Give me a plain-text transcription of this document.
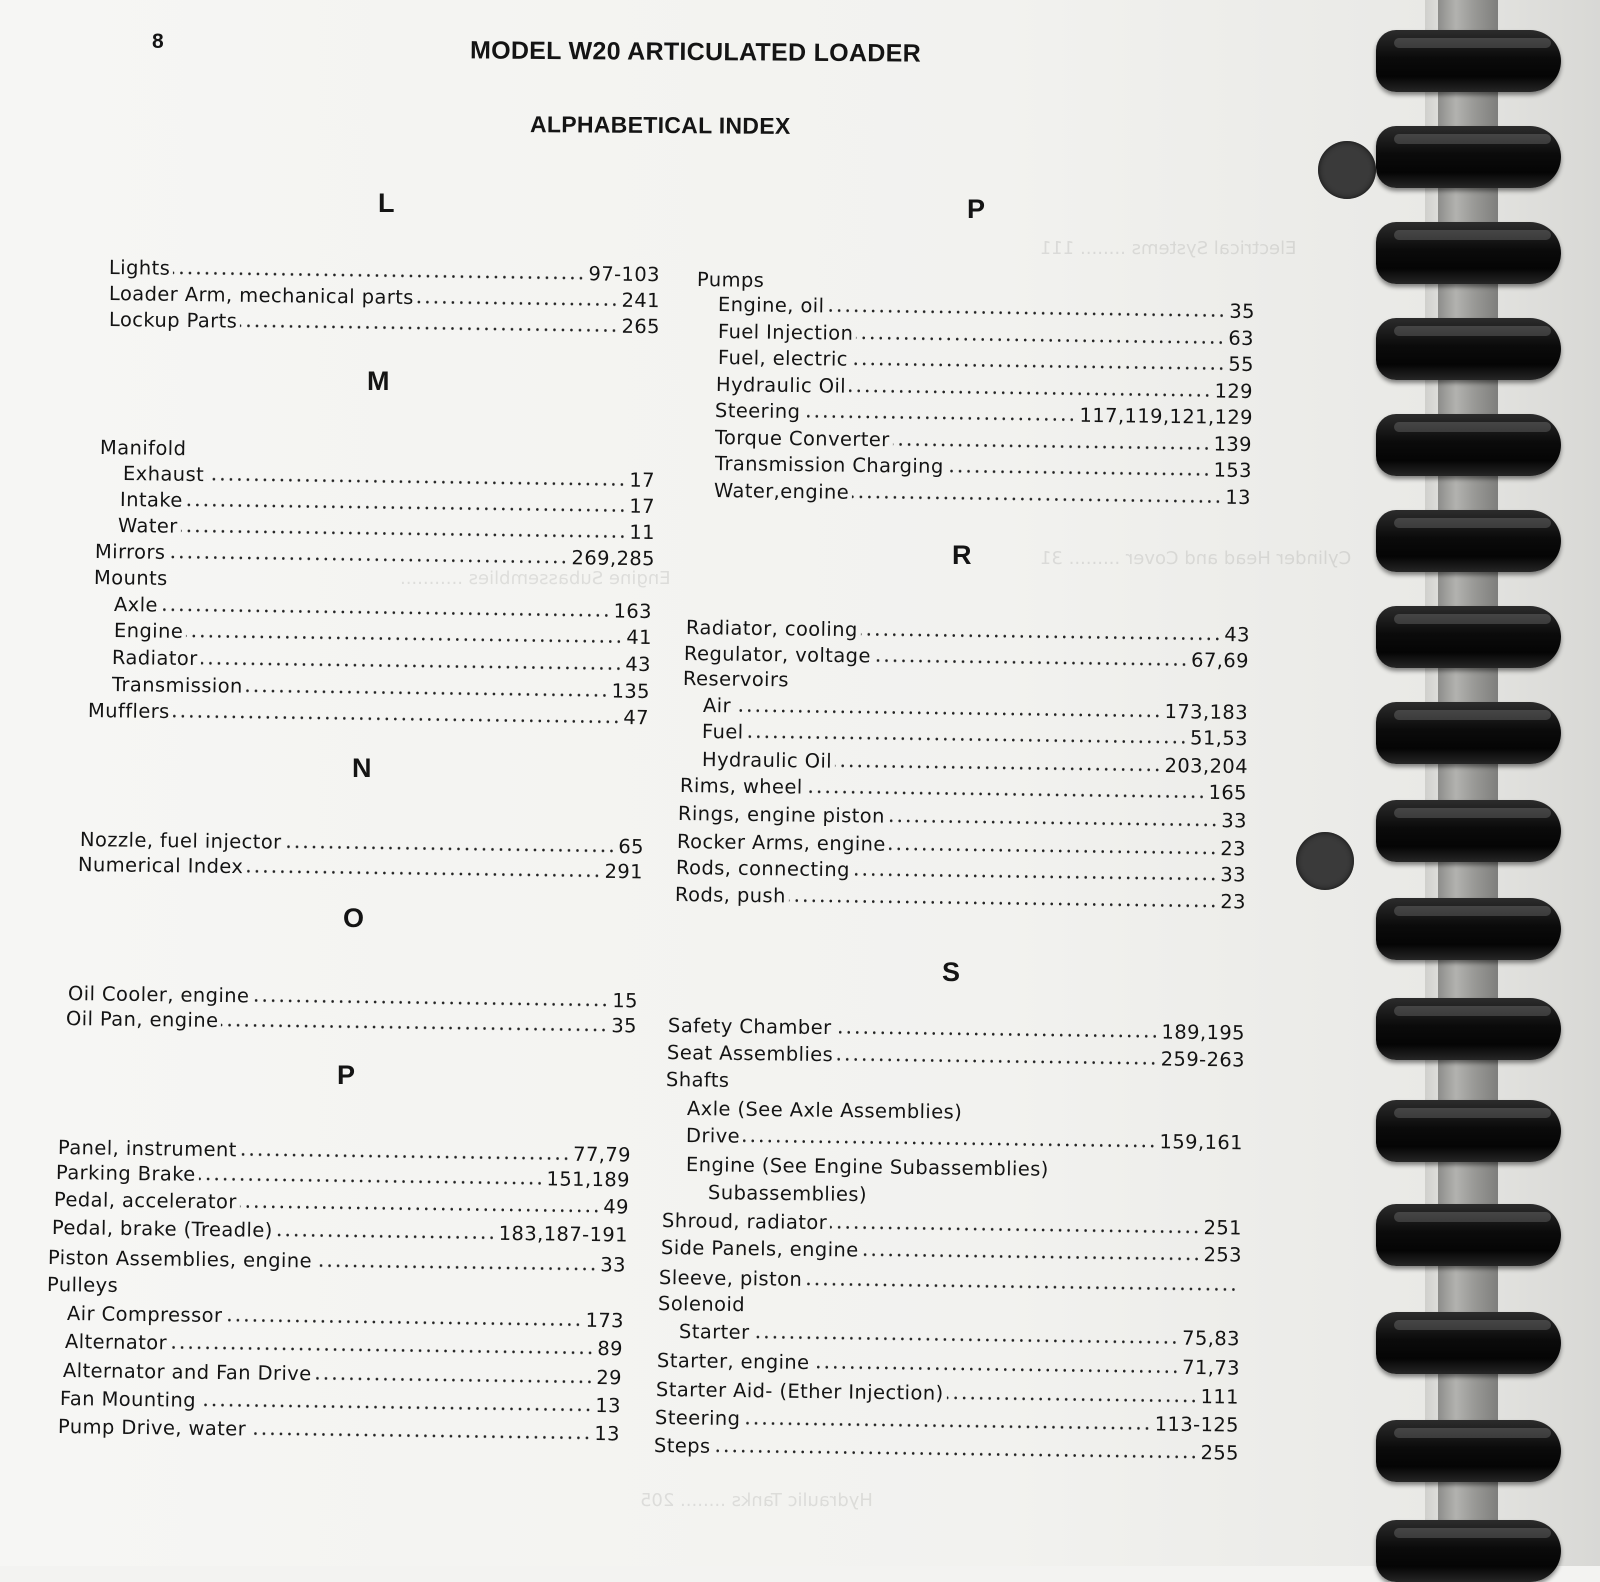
Electrical Systems ........ 111
Cylinder Head and Cover ......... 31
Engine Subassemblies ...........
Hydraulic Tanks ........ 205
8	MODEL W20 ARTICULATED LOADER
ALPHABETICAL INDEX
L
Lights	97-103
Loader Arm, mechanical parts	241
Lockup Parts	265
M
Manifold
Exhaust	17
Intake	17
Water	11
Mirrors	269,285
Mounts
Axle	163
Engine	41
Radiator	43
Transmission	135
Mufflers	47
N
Nozzle, fuel injector	65
Numerical Index	291
O
Oil Cooler, engine	15
Oil Pan, engine	35
P
Panel, instrument	77,79
Parking Brake	151,189
Pedal, accelerator	49
Pedal, brake (Treadle)	183,187-191
Piston Assemblies, engine	33
Pulleys
Air Compressor	173
Alternator	89
Alternator and Fan Drive	29
Fan Mounting	13
Pump Drive, water	13
P
Pumps
Engine, oil	35
Fuel Injection	63
Fuel, electric	55
Hydraulic Oil	129
Steering	117,119,121,129
Torque Converter	139
Transmission Charging	153
Water,engine	13
R
Radiator, cooling	43
Regulator, voltage	67,69
Reservoirs
Air	173,183
Fuel	51,53
Hydraulic Oil	203,204
Rims, wheel	165
Rings, engine piston	33
Rocker Arms, engine	23
Rods, connecting	33
Rods, push	23
S
Safety Chamber	189,195
Seat Assemblies	259-263
Shafts
Axle (See Axle Assemblies)
Drive	159,161
Engine (See Engine Subassemblies)
Subassemblies)
Shroud, radiator	251
Side Panels, engine	253
Sleeve, piston
Solenoid
Starter	75,83
Starter, engine	71,73
Starter Aid- (Ether Injection)	111
Steering	113-125
Steps	255
